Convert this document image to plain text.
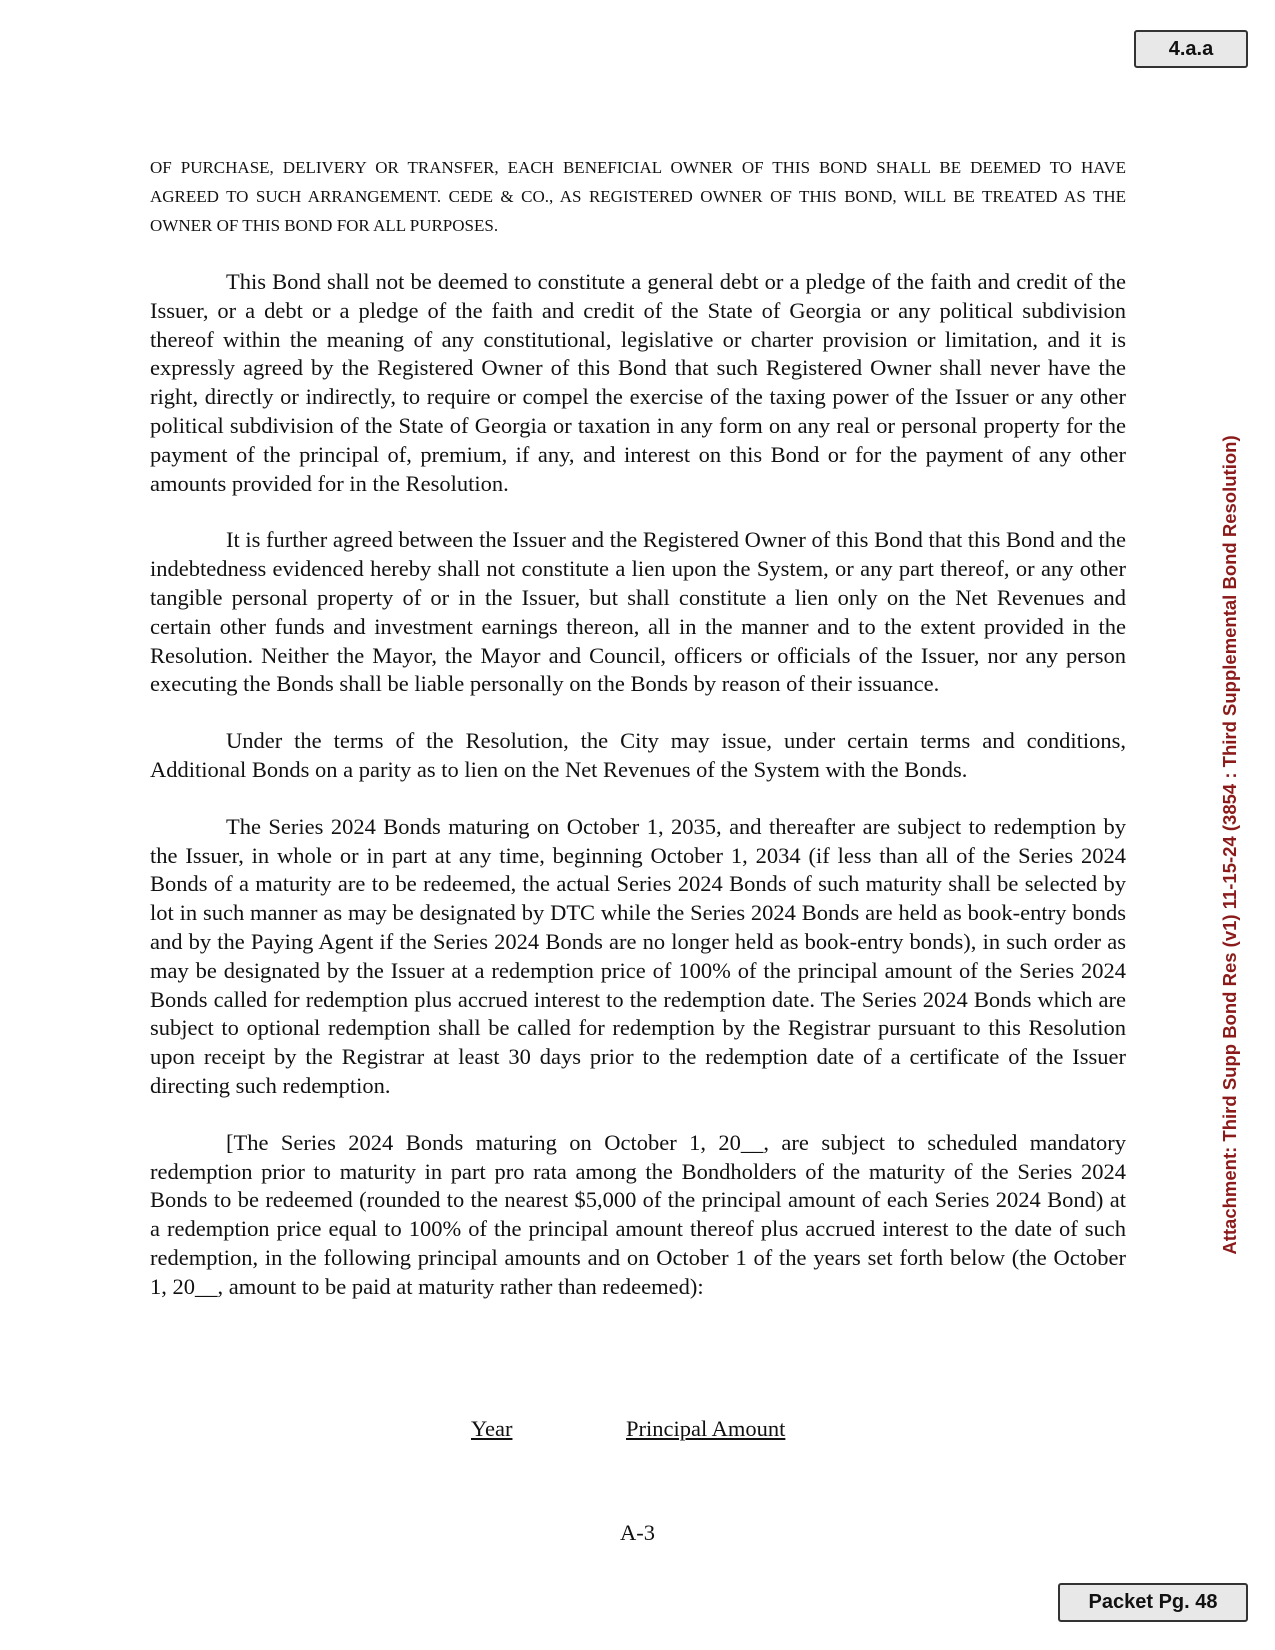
4.a.a
Attachment: Third Supp Bond Res (v1) 11-15-24 (3854 : Third Supplemental Bond Resolution)

OF PURCHASE, DELIVERY OR TRANSFER, EACH BENEFICIAL OWNER OF THIS BOND SHALL BE DEEMED TO HAVE AGREED TO SUCH ARRANGEMENT. CEDE & CO., AS REGISTERED OWNER OF THIS BOND, WILL BE TREATED AS THE OWNER OF THIS BOND FOR ALL PURPOSES.

This Bond shall not be deemed to constitute a general debt or a pledge of the faith and credit of the Issuer, or a debt or a pledge of the faith and credit of the State of Georgia or any political subdivision thereof within the meaning of any constitutional, legislative or charter provision or limitation, and it is expressly agreed by the Registered Owner of this Bond that such Registered Owner shall never have the right, directly or indirectly, to require or compel the exercise of the taxing power of the Issuer or any other political subdivision of the State of Georgia or taxation in any form on any real or personal property for the payment of the principal of, premium, if any, and interest on this Bond or for the payment of any other amounts provided for in the Resolution.

It is further agreed between the Issuer and the Registered Owner of this Bond that this Bond and the indebtedness evidenced hereby shall not constitute a lien upon the System, or any part thereof, or any other tangible personal property of or in the Issuer, but shall constitute a lien only on the Net Revenues and certain other funds and investment earnings thereon, all in the manner and to the extent provided in the Resolution. Neither the Mayor, the Mayor and Council, officers or officials of the Issuer, nor any person executing the Bonds shall be liable personally on the Bonds by reason of their issuance.

Under the terms of the Resolution, the City may issue, under certain terms and conditions, Additional Bonds on a parity as to lien on the Net Revenues of the System with the Bonds.

The Series 2024 Bonds maturing on October 1, 2035, and thereafter are subject to redemption by the Issuer, in whole or in part at any time, beginning October 1, 2034 (if less than all of the Series 2024 Bonds of a maturity are to be redeemed, the actual Series 2024 Bonds of such maturity shall be selected by lot in such manner as may be designated by DTC while the Series 2024 Bonds are held as book-entry bonds and by the Paying Agent if the Series 2024 Bonds are no longer held as book-entry bonds), in such order as may be designated by the Issuer at a redemption price of 100% of the principal amount of the Series 2024 Bonds called for redemption plus accrued interest to the redemption date. The Series 2024 Bonds which are subject to optional redemption shall be called for redemption by the Registrar pursuant to this Resolution upon receipt by the Registrar at least 30 days prior to the redemption date of a certificate of the Issuer directing such redemption.

[The Series 2024 Bonds maturing on October 1, 20__, are subject to scheduled mandatory redemption prior to maturity in part pro rata among the Bondholders of the maturity of the Series 2024 Bonds to be redeemed (rounded to the nearest $5,000 of the principal amount of each Series 2024 Bond) at a redemption price equal to 100% of the principal amount thereof plus accrued interest to the date of such redemption, in the following principal amounts and on October 1 of the years set forth below (the October 1, 20__, amount to be paid at maturity rather than redeemed):

Year	Principal Amount
A-3
Packet Pg. 48
